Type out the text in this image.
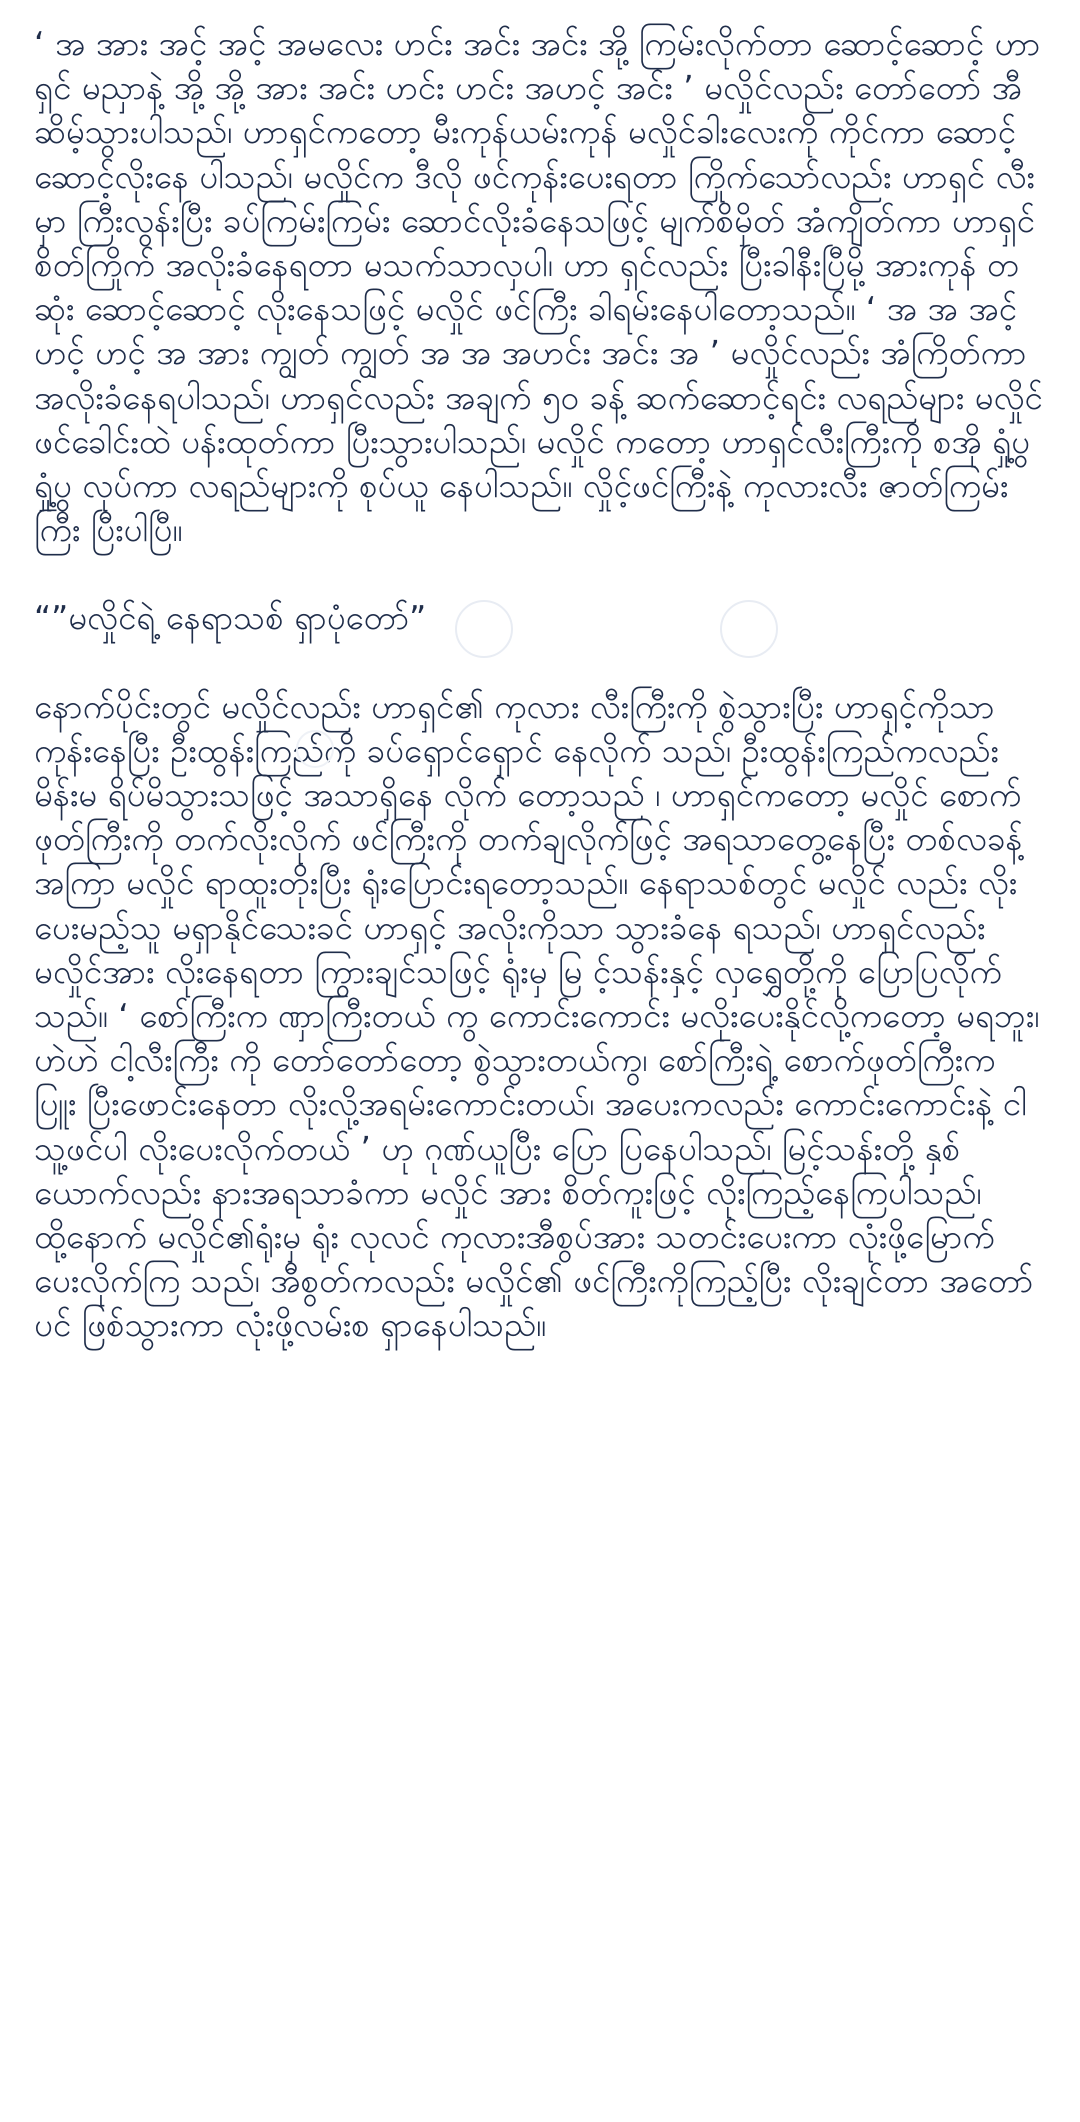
‘ အ အား အင့် အင့် အမလေး ဟင်း အင်း အင်း အို့ ကြမ်းလိုက်တာ ဆောင့်ဆောင့် ဟာရှင် မညှာနဲ့ အို့ အို့ အား အင်း ဟင်း ဟင်း အဟင့် အင်း ’ မလှိုင်လည်း တော်တော် အီဆိမ့်သွားပါသည်၊ ဟာရှင်ကတော့ မီးကုန်ယမ်းကုန် မလှိုင်ခါးလေးကို ကိုင်ကာ ဆောင့်ဆောင့်လိုးနေ ပါသည်၊ မလှိုင်က ဒီလို ဖင်ကုန်းပေးရတာ ကြိုက်သော်လည်း ဟာရှင် လီးမှာ ကြီးလွန်းပြီး ခပ်ကြမ်းကြမ်း ဆောင်လိုးခံနေသဖြင့် မျက်စိမှိတ် အံကျိတ်ကာ ဟာရှင်စိတ်ကြိုက် အလိုးခံနေရတာ မသက်သာလှပါ၊ ဟာ ရှင်လည်း ပြီးခါနီးပြီမို့ အားကုန် တဆုံး ဆောင့်ဆောင့် လိုးနေသဖြင့် မလှိုင် ဖင်ကြီး ခါရမ်းနေပါတော့သည်။ ‘ အ အ အင့် ဟင့် ဟင့် အ အား ကျွတ် ကျွတ် အ အ အဟင်း အင်း အ ’ မလှိုင်လည်း အံကြိတ်ကာ အလိုးခံနေရပါသည်၊ ဟာရှင်လည်း အချက် ၅၀ ခန့် ဆက်ဆောင့်ရင်း လရည်များ မလှိုင် ဖင်ခေါင်းထဲ ပန်းထုတ်ကာ ပြီးသွားပါသည်၊ မလှိုင် ကတော့ ဟာရှင်လီးကြီးကို စအို ရှုံ့ပွရှုံ့ပွ လုပ်ကာ လရည်များကို စုပ်ယူ နေပါသည်။ လှိုင့်ဖင်ကြီးနဲ့ ကုလားလီး ဇာတ်ကြမ်းကြီး ပြီးပါပြီ။

“”မလှိုင်ရဲ့ နေရာသစ် ရှာပုံတော်”

နောက်ပိုင်းတွင် မလှိုင်လည်း ဟာရှင်၏ ကုလား လီးကြီးကို စွဲသွားပြီး ဟာရှင့်ကိုသာ ကုန်းနေပြီး ဦးထွန်းကြည်ကို ခပ်ရှောင်ရှောင် နေလိုက် သည်၊ ဦးထွန်းကြည်ကလည်း မိန်းမ ရိပ်မိသွားသဖြင့် အသာရှိနေ လိုက် တော့သည် ၊ ဟာရှင်ကတော့ မလှိုင် စောက်ဖုတ်ကြီးကို တက်လိုးလိုက် ဖင်ကြီးကို တက်ချလိုက်ဖြင့် အရသာတွေ့နေပြီး တစ်လခန့်အကြာ မလှိုင် ရာထူးတိုးပြီး ရုံးပြောင်းရတော့သည်။ နေရာသစ်တွင် မလှိုင် လည်း လိုးပေးမည့်သူ မရှာနိုင်သေးခင် ဟာရှင့် အလိုးကိုသာ သွားခံနေ ရသည်၊ ဟာရှင်လည်း မလှိုင်အား လိုးနေရတာ ကြွားချင်သဖြင့် ရုံးမှ မြ င့်သန်းနှင့် လှရွှေတို့ကို ပြောပြလိုက်သည်။ ‘ စော်ကြီးက ဏှာကြီးတယ် ကွ ကောင်းကောင်း မလိုးပေးနိုင်လို့ကတော့ မရဘူး၊ ဟဲဟဲ ငါ့လီးကြီး ကို တော်တော်တော့ စွဲသွားတယ်ကွ၊ စော်ကြီးရဲ့ စောက်ဖုတ်ကြီးက ပြူး ပြီးဖောင်းနေတာ လိုးလို့အရမ်းကောင်းတယ်၊ အပေးကလည်း ကောင်းကောင်းနဲ့ ငါသူ့ဖင်ပါ လိုးပေးလိုက်တယ် ’ ဟု ဂုဏ်ယူပြီး ပြော ပြနေပါသည်၊ မြင့်သန်းတို့ နှစ်ယောက်လည်း နားအရသာခံကာ မလှိုင် အား စိတ်ကူးဖြင့် လိုးကြည့်နေကြပါသည်၊ ထို့နောက် မလှိုင်၏ရုံးမှ ရုံး လုလင် ကုလားအီစွပ်အား သတင်းပေးကာ လုံးဖို့မြောက်ပေးလိုက်ကြ သည်၊ အီစွတ်ကလည်း မလှိုင်၏ ဖင်ကြီးကိုကြည့်ပြီး လိုးချင်တာ အတော်ပင် ဖြစ်သွားကာ လုံးဖို့လမ်းစ ရှာနေပါသည်။
